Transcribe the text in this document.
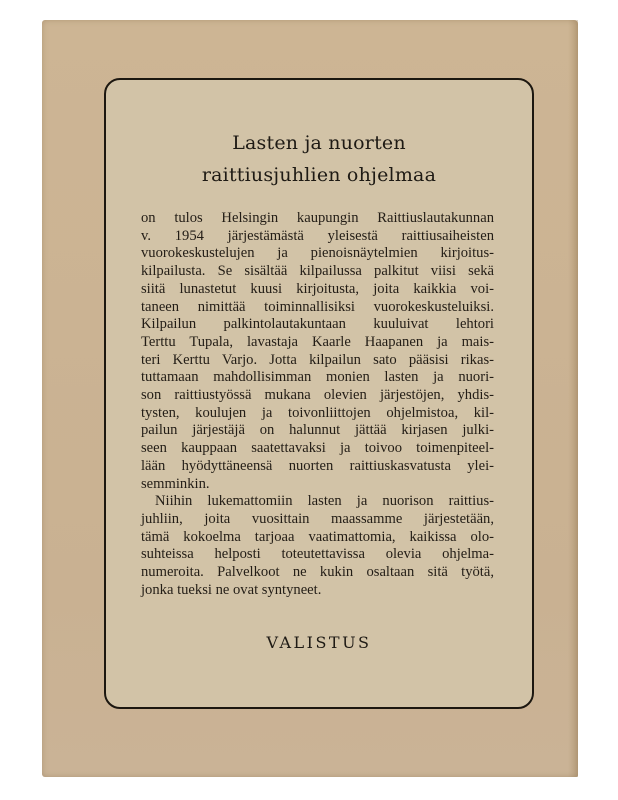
Lasten ja nuorten
raittiusjuhlien ohjelmaa
on tulos Helsingin kaupungin Raittiuslautakunnan
v. 1954 järjestämästä yleisestä raittiusaiheisten
vuorokeskustelujen ja pienoisnäytelmien kirjoitus-
kilpailusta. Se sisältää kilpailussa palkitut viisi sekä
siitä lunastetut kuusi kirjoitusta, joita kaikkia voi-
taneen nimittää toiminnallisiksi vuorokeskusteluiksi.
Kilpailun palkintolautakuntaan kuuluivat lehtori
Terttu Tupala, lavastaja Kaarle Haapanen ja mais-
teri Kerttu Varjo. Jotta kilpailun sato pääsisi rikas-
tuttamaan mahdollisimman monien lasten ja nuori-
son raittiustyössä mukana olevien järjestöjen, yhdis-
tysten, koulujen ja toivonliittojen ohjelmistoa, kil-
pailun järjestäjä on halunnut jättää kirjasen julki-
seen kauppaan saatettavaksi ja toivoo toimenpiteel-
lään hyödyttäneensä nuorten raittiuskasvatusta ylei-
semminkin.
Niihin lukemattomiin lasten ja nuorison raittius-
juhliin, joita vuosittain maassamme järjestetään,
tämä kokoelma tarjoaa vaatimattomia, kaikissa olo-
suhteissa helposti toteutettavissa olevia ohjelma-
numeroita. Palvelkoot ne kukin osaltaan sitä työtä,
jonka tueksi ne ovat syntyneet.
VALISTUS
